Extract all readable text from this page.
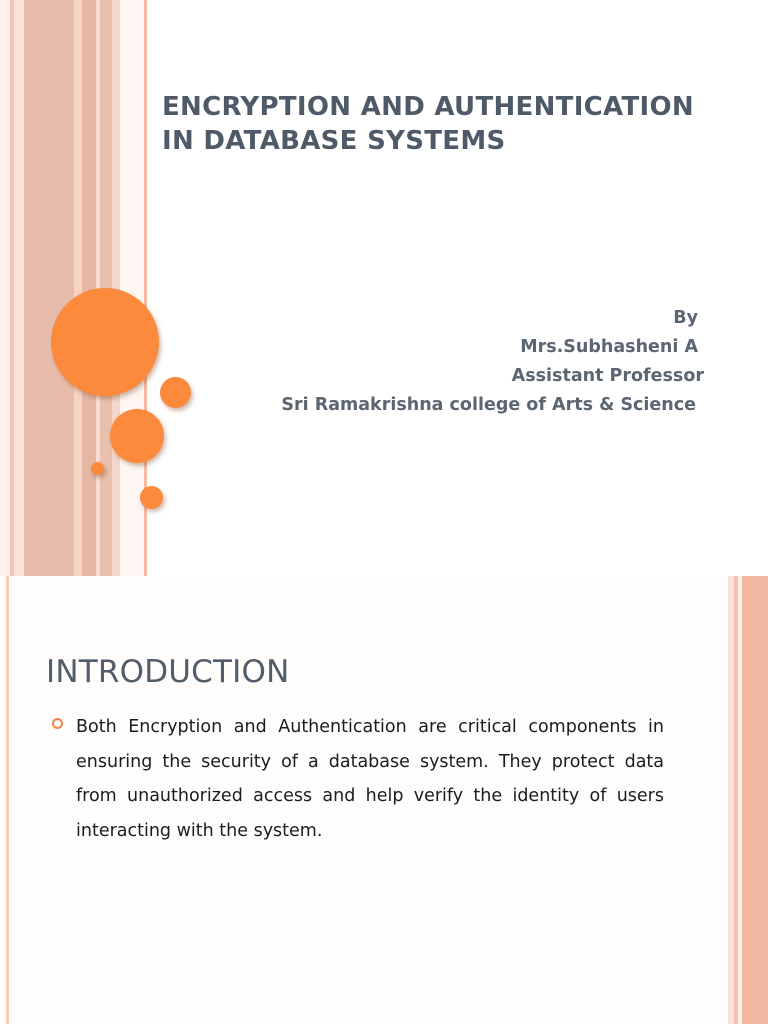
ENCRYPTION AND AUTHENTICATION
IN DATABASE SYSTEMS
By
Mrs.Subhasheni A
Assistant Professor
Sri Ramakrishna college of Arts & Science
INTRODUCTION
Both Encryption and Authentication are critical components in ensuring the security of a database system. They protect data from unauthorized access and help verify the identity of users interacting with the system.
